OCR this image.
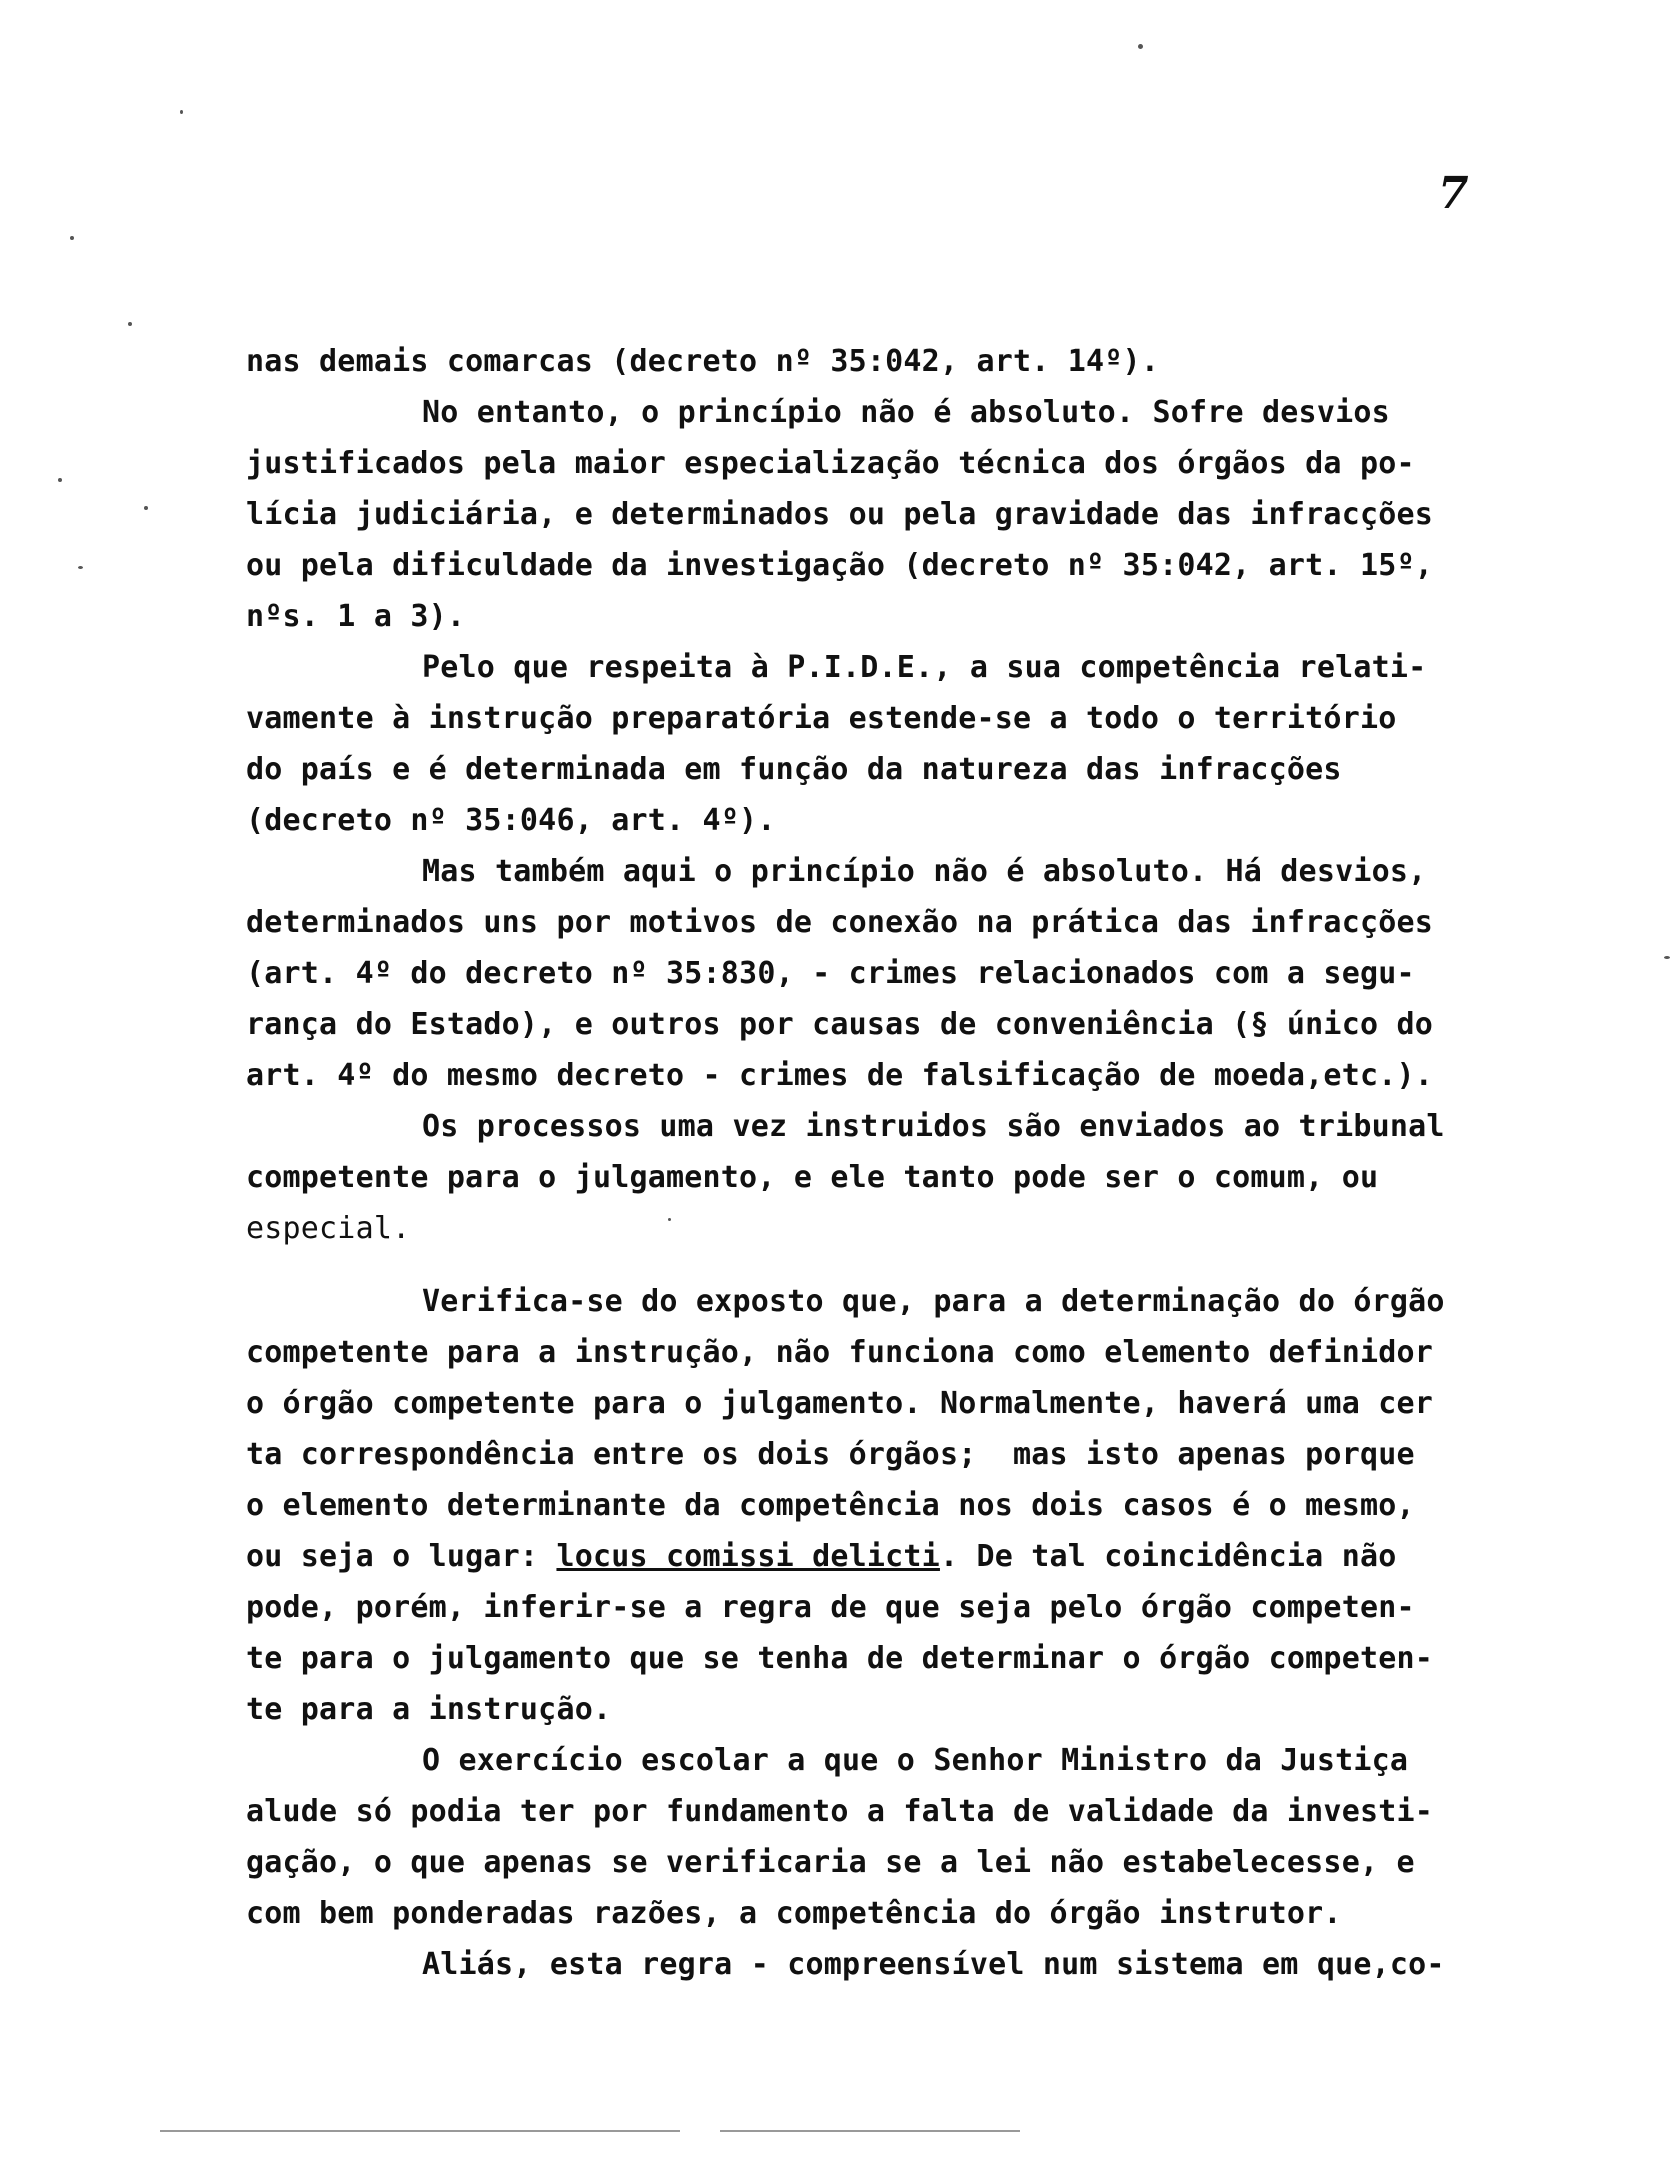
7
nas demais comarcas (decreto nº 35:042, art. 14º).
No entanto, o princípio não é absoluto. Sofre desvios
justificados pela maior especialização técnica dos órgãos da po-
lícia judiciária, e determinados ou pela gravidade das infracções
ou pela dificuldade da investigação (decreto nº 35:042, art. 15º,
nºs. 1 a 3).
Pelo que respeita à P.I.D.E., a sua competência relati-
vamente à instrução preparatória estende-se a todo o território
do país e é determinada em função da natureza das infracções
(decreto nº 35:046, art. 4º).
Mas também aqui o princípio não é absoluto. Há desvios,
determinados uns por motivos de conexão na prática das infracções
(art. 4º do decreto nº 35:830, - crimes relacionados com a segu-
rança do Estado), e outros por causas de conveniência (§ único do
art. 4º do mesmo decreto - crimes de falsificação de moeda,etc.).
Os processos uma vez instruidos são enviados ao tribunal
competente para o julgamento, e ele tanto pode ser o comum, ou
especial.
Verifica-se do exposto que, para a determinação do órgão
competente para a instrução, não funciona como elemento definidor
o órgão competente para o julgamento. Normalmente, haverá uma cer
ta correspondência entre os dois órgãos;  mas isto apenas porque
o elemento determinante da competência nos dois casos é o mesmo,
ou seja o lugar: locus comissi delicti. De tal coincidência não
pode, porém, inferir-se a regra de que seja pelo órgão competen-
te para o julgamento que se tenha de determinar o órgão competen-
te para a instrução.
O exercício escolar a que o Senhor Ministro da Justiça
alude só podia ter por fundamento a falta de validade da investi-
gação, o que apenas se verificaria se a lei não estabelecesse, e
com bem ponderadas razões, a competência do órgão instrutor.
Aliás, esta regra - compreensível num sistema em que,co-
